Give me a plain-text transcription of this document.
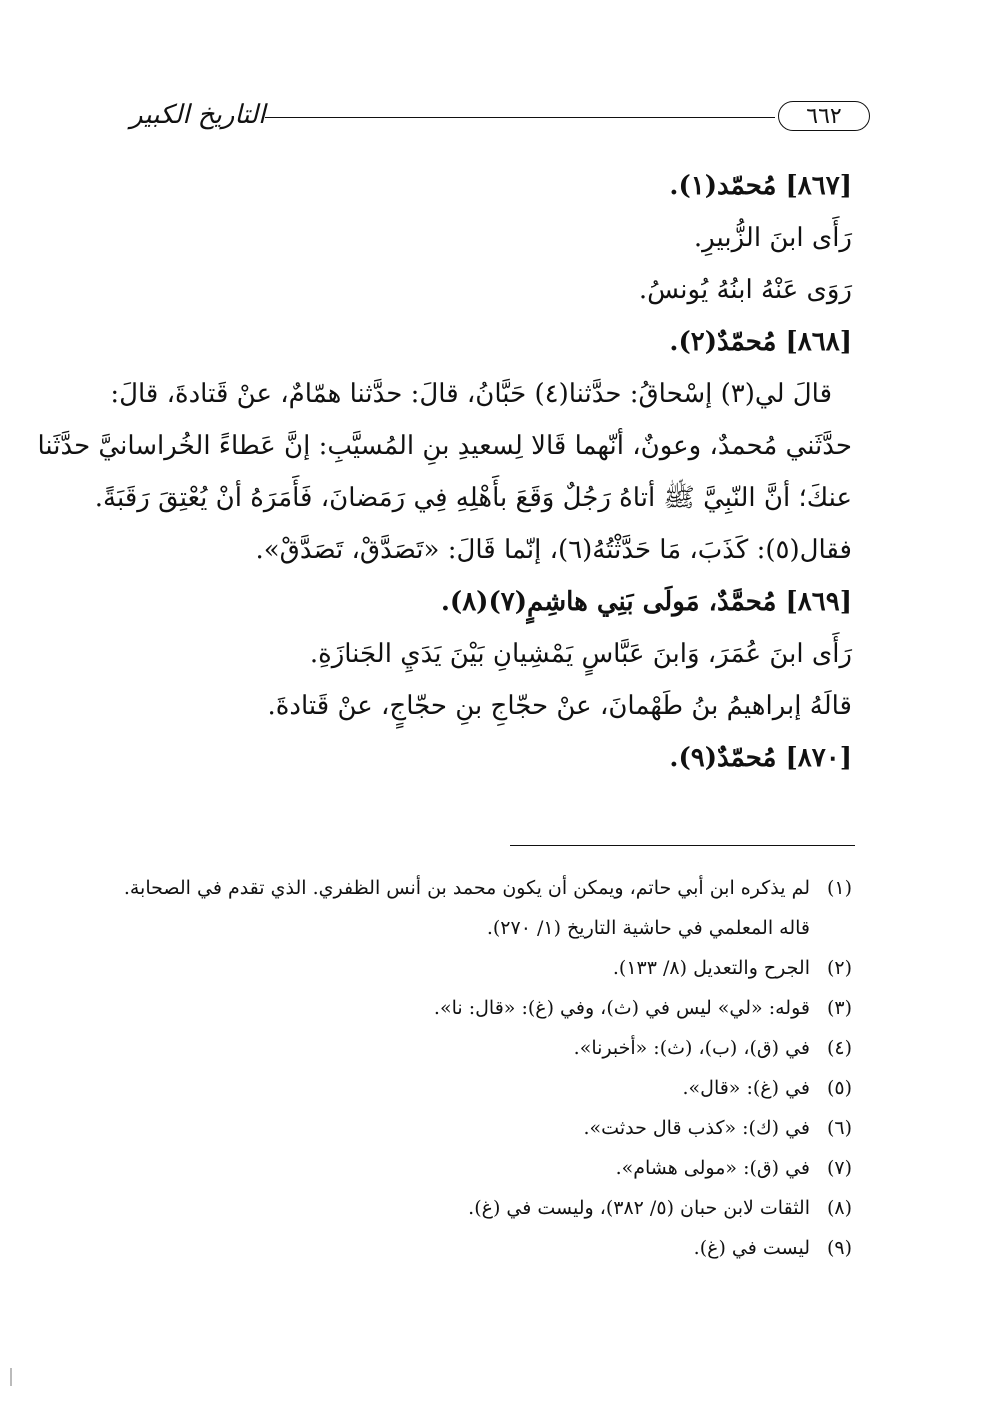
التاريخ الكبير	٦٦٢
[٨٦٧] مُحمّد(١).
رَأَى ابنَ الزُّبيرِ.
رَوَى عَنْهُ ابنُهُ يُونسُ.
[٨٦٨] مُحمّدٌ(٢).
قالَ لي(٣) إسْحاقُ: حدَّثنا(٤) حَبَّانُ، قالَ: حدَّثنا همّامٌ، عنْ قَتادةَ، قالَ:
حدَّثَني مُحمدٌ، وعونٌ، أنّهما قَالا لِسعيدِ بنِ المُسيَّبِ: إنَّ عَطاءً الخُراسانيَّ حدَّثَنا
عنكَ؛ أنَّ النّبِيَّ ﷺ أتاهُ رَجُلٌ وَقَعَ بأَهْلِهِ فِي رَمَضانَ، فَأَمَرَهُ أنْ يُعْتِقَ رَقَبَةً.
فقال(٥): كَذَبَ، مَا حَدَّثْتُهُ(٦)، إنّما قَالَ: «تَصَدَّقْ، تَصَدَّقْ».
[٨٦٩] مُحمَّدٌ، مَولَى بَنِي هاشِمٍ(٧)(٨).
رَأَى ابنَ عُمَرَ، وَابنَ عَبَّاسٍ يَمْشِيانِ بَيْنَ يَدَيِ الجَنازَةِ.
قالَهُ إبراهيمُ بنُ طَهْمانَ، عنْ حجّاجِ بنِ حجّاجٍ، عنْ قَتادةَ.
[٨٧٠] مُحمّدٌ(٩).
(١)
لم يذكره ابن أبي حاتم، ويمكن أن يكون محمد بن أنس الظفري. الذي تقدم في الصحابة.
قاله المعلمي في حاشية التاريخ (١/ ٢٧٠).
(٢)
الجرح والتعديل (٨/ ١٣٣).
(٣)
قوله: «لي» ليس في (ث)، وفي (غ): «قال: نا».
(٤)
في (ق)، (ب)، (ث): «أخبرنا».
(٥)
في (غ): «قال».
(٦)
في (ك): «كذب قال حدثت».
(٧)
في (ق): «مولى هشام».
(٨)
الثقات لابن حبان (٥/ ٣٨٢)، وليست في (غ).
(٩)
ليست في (غ).
